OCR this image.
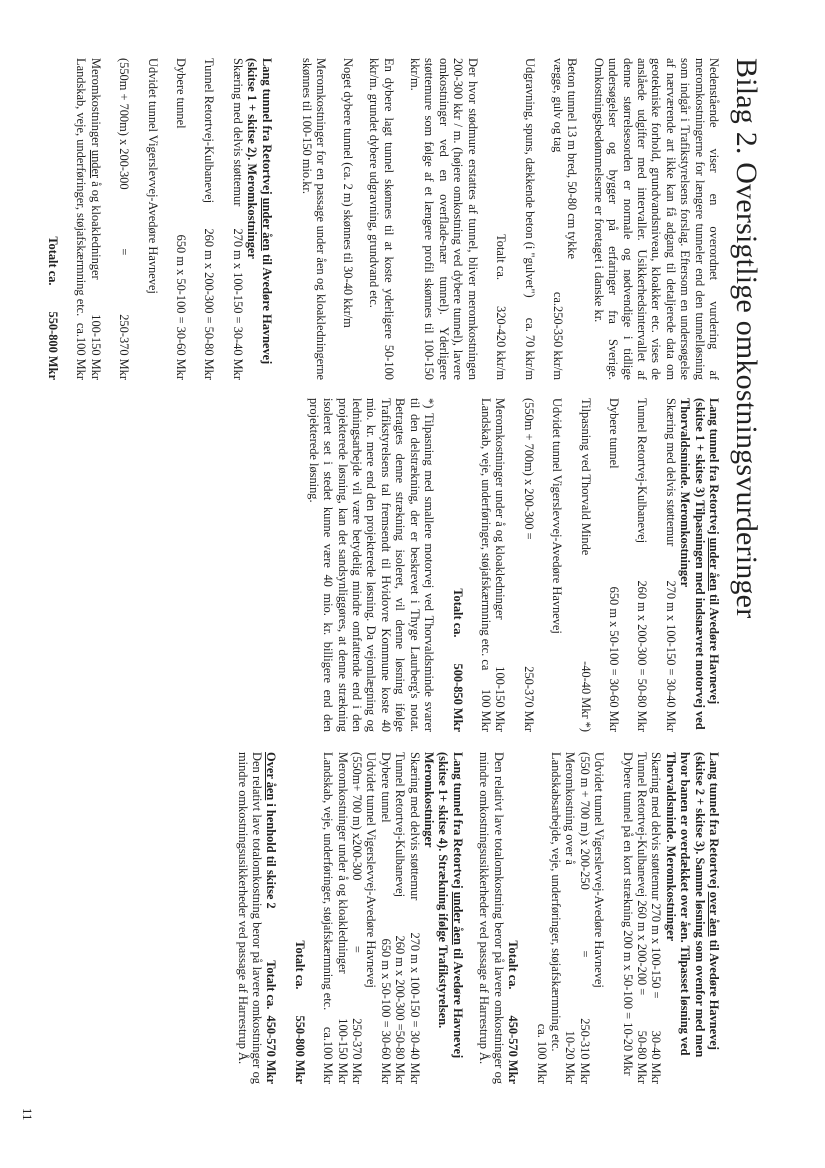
Bilag 2. Oversigtlige omkostningsvurderinger

Nedenstående viser en overordnet vurdering af meromkostningerne for længere tunneler end den tunnelløsning som indgår i Trafikstyrelsens forslag. Eftersom en undersøgelse af nærværende art ikke kan få adgang til detaljerede data om geotekniske forhold, grundvandsniveau, kloakker etc. vises de anslåede udgifter med intervaller. Usikkerhedsintervallet af denne størrelsesorden er normale og nødvendige i tidlige undersøgelser og bygger på erfaringer fra Sverige. Omkostningsbedømmelserne er foretaget i danske kr.

Beton tunnel 13 m bred, 50-80 cm tykke

vægge, gulv og tag
ca.250-350 kkr/m
Udgravning, spuns, dækkende beton (i "gulvet")
ca. 70 kkr/m
Totalt ca.
320-420 kkr/m

Der hvor stødmure erstattes af tunnel, bliver meromkostningen 200-300 kkr / m. (højere omkostning ved dybere tunnel), lavere omkostninger ved en overflade-nær tunnel). Yderligere støttemure som følge af et længere profil skønnes til 100-150 kkr/m.

En dybere lagt tunnel skønnes til at koste yderligere 50-100 kkr/m. grundet dybere udgravning, grundvand etc.

Noget dybere tunnel (ca. 2 m) skønnes til 30-40 kkr/m

Meromkostninger for en passage under åen og kloakledningerne skønnes til 100-150 mio.kr.

Lang tunnel fra Retortvej under åen til Avedøre Havnevej (skitse 1 + skitse 2). Meromkostninger

Skæring med delvis støttemur
270 m x 100-150 = 30-40 Mkr
Tunnel Retortvej-Kulbanevej
260 m x 200-300 = 50-80 Mkr
Dybere tunnel
650 m x 50-100 = 30-60 Mkr
Udvidet tunnel Vigerslevvej-Avedøre Havnevej
(550m + 700m) x 200-300
=
250-370 Mkr
Meromkostninger under å og kloakledninger
100-150 Mkr
Landskab, veje, underføringer, støjafskærmning etc.
ca.100 Mkr
Totalt ca.
550-800 Mkr

Lang tunnel fra Retortvej under åen til Avedøre Havnevej (skitse 1 + skitse 3) Tilpasningen med indsnævret motorvej ved Thorvaldsminde. Meromkostninger

Skæring med delvis støttemur
270 m x 100-150 = 30-40 Mkr
Tunnel Retortvej-Kulbanevej
260 m x 200-300 = 50-80 Mkr
Dybere tunnel
650 m x 50-100 = 30-60 Mkr
Tilpasning ved Thorvald Minde
-40-40 Mkr *)
Udvidet tunnel Vigerslevvej-Avedøre Havnevej
(550m + 700m) x 200-300 =
250-370 Mkr
Meromkostninger under å og kloakledninger
100-150 Mkr
Landskab, veje, underføringer, støjafskærmning etc. ca
100 Mkr
Totalt ca.
500-850 Mkr

*) Tilpasning med smallere motorvej ved Thorvaldsminde svarer til den delstrækning, der er beskrevet i Thyge Laurberg's notat. Betragtes denne strækning isoleret, vil denne løsning ifølge Trafikstyrelsens tal fremsendt til Hvidovre Kommune koste 40 mio. kr. mere end den projekterede løsning. Da vejomlægning og ledningsarbejde vil være betydelig mindre omfattende end i den projekterede løsning, kan det sandsynliggøres, at denne strækning isoleret set i stedet kunne være 40 mio. kr. billigere end den projekterede løsning.

Lang tunnel fra Retortvej over åen til Avedøre Havnevej (skitse 2 + skitse 3). Samme løsning som ovenfor med men hvor banen er overdækket over åen. Tilpasset løsning ved Thorvaldsminde. Meromkostninger

Skæring med delvis støttemur 270 m x 100-150 =
30-40 Mkr
Tunnel Retortvej-Kulbanevej 260 m x 200-200 =
50-80 Mkr
Dybere tunnel på en kort strækning 200 m x 50-100 = 10-20 Mkr
Udvidet tunnel Vigerslevvej-Avedøre Havnevej
(550 m + 700 m) x 200-250
=
250-310 Mkr
Meromkostning over å
10-20 Mkr
Landskabsarbejde, veje, underføringer, støjafskærmning etc.
ca. 100 Mkr
Totalt ca.
450-570 Mkr

Den relativt lave totalomkostning beror på lavere omkostninger og mindre omkostningsusikkerheder ved passage af Harrestrup Å.

Lang tunnel fra Retortvej under åen til Avedøre Havnevej (skitse 1+ skitse 4). Strækning ifølge Trafikstyrelsen. Meromkostninger

Skæring med delvis støttemur
270 m x 100-150 = 30-40 Mkr
Tunnel Retortvej-Kulbanevej
260 m x 200-300 =50-80 Mkr
Dybere tunnel
650 m x 50-100 = 30-60 Mkr
Udvidet tunnel Vigerslevvej-Avedøre Havnevej
(550m+ 700 m) x200-300
=
250-370 Mkr
Meromkostninger under å og kloakledninger
100-150 Mkr
Landskab, veje, underføringer, støjafskærmning etc.
ca.100 Mkr
Totalt ca.
550-800 Mkr
Over åen i henhold til skitse 2
Totalt ca.  450-570 Mkr

Den relativt lave totalomkostning beror på lavere omkostninger og mindre omkostningsusikkerheder ved passage af Harrestrup Å.

11
